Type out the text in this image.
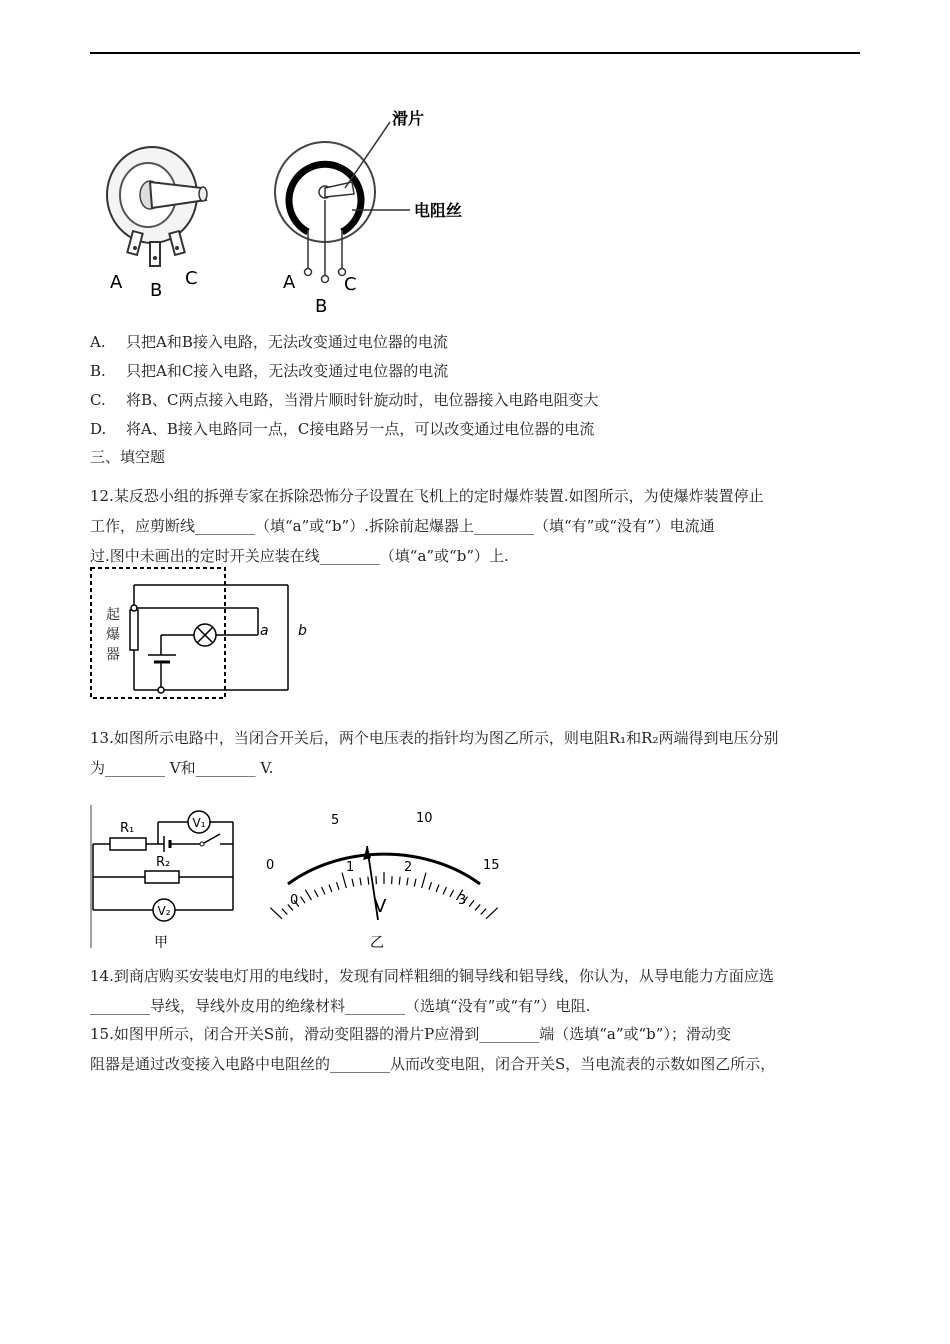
A B
C
滑片
电阻丝
A
B
C
A. 只把A和B接入电路，无法改变通过电位器的电流
B. 只把A和C接入电路，无法改变通过电位器的电流
C. 将B、C两点接入电路，当滑片顺时针旋动时，电位器接入电路电阻变大
D. 将A、B接入电路同一点，C接电路另一点，可以改变通过电位器的电流
三、填空题
12.某反恐小组的拆弹专家在拆除恐怖分子设置在飞机上的定时爆炸装置.如图所示，为使爆炸装置停止
工作，应剪断线________（填“a”或“b”）.拆除前起爆器上________（填“有”或“没有”）电流通
过.图中未画出的定时开关应装在线________（填“a”或“b”）上.
a b
起爆器
13.如图所示电路中，当闭合开关后，两个电压表的指针均为图乙所示，则电阻R₁和R₂两端得到电压分别
为________ V和________ V.
R₁
R₂
V₁
V₂
甲
0
5	10
15
0
1	2
3
V
乙
14.到商店购买安装电灯用的电线时，发现有同样粗细的铜导线和铝导线，你认为，从导电能力方面应选
________导线，导线外皮用的绝缘材料________（选填“没有”或“有”）电阻.
15.如图甲所示，闭合开关S前，滑动变阻器的滑片P应滑到________端（选填“a”或“b”）；滑动变
阻器是通过改变接入电路中电阻丝的________从而改变电阻，闭合开关S，当电流表的示数如图乙所示，
